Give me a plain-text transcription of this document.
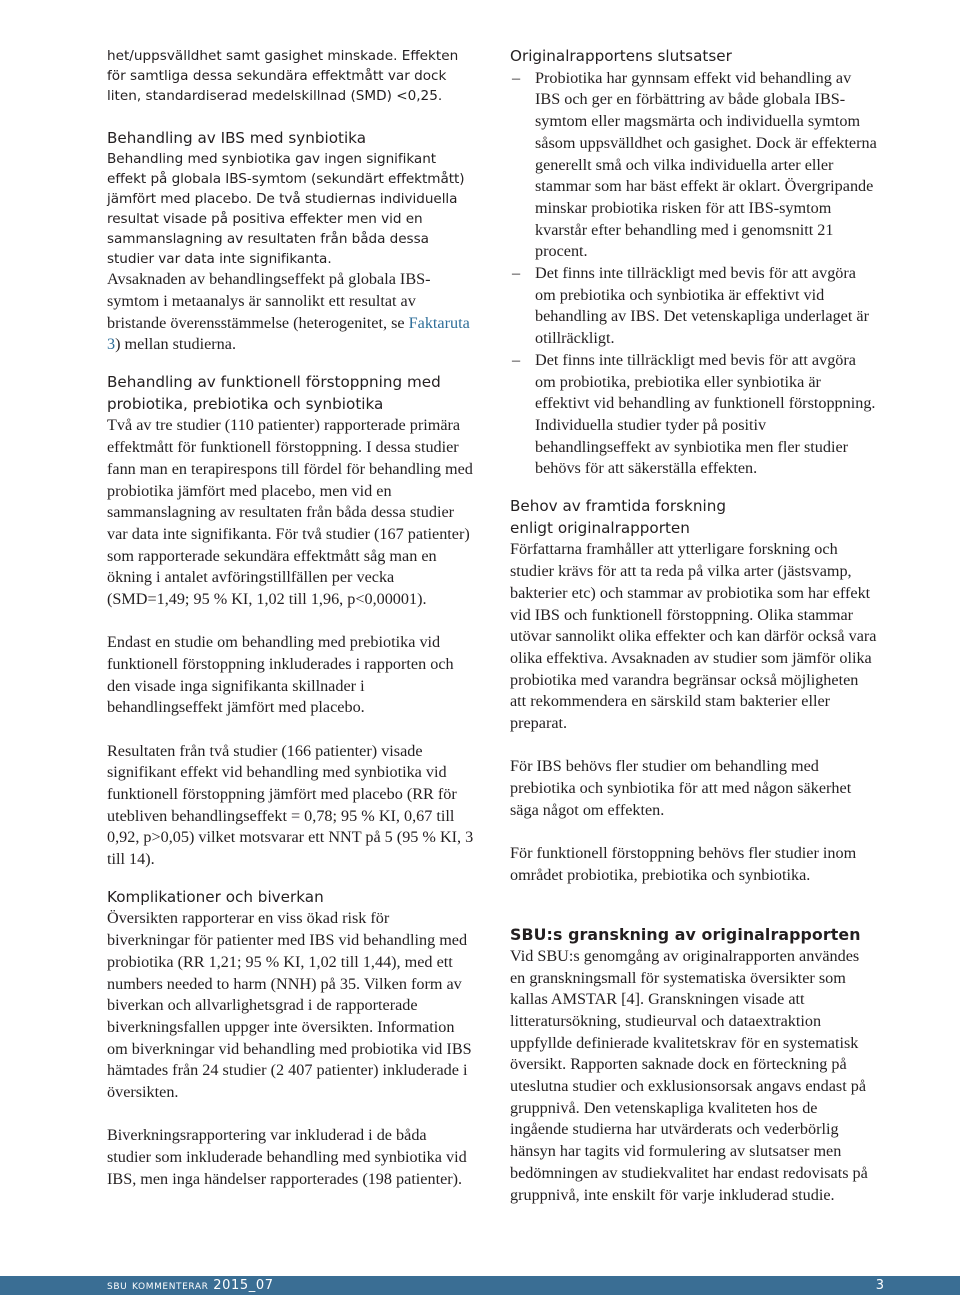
het/uppsvälldhet samt gasighet minskade. Effekten för samtliga dessa sekundära effektmått var dock liten, standardiserad medelskillnad (SMD) <0,25.

Behandling av IBS med synbiotika

Behandling med synbiotika gav ingen signifikant effekt på globala IBS-symtom (sekundärt effektmått) jämfört med placebo. De två studiernas individuella resultat visade på positiva effekter men vid en sammanslagning av resultaten från båda dessa studier var data inte signifikanta.

Avsaknaden av behandlingseffekt på globala IBS-symtom i metaanalys är sannolikt ett resultat av bristande överensstämmelse (heterogenitet, se Faktaruta 3) mellan studierna.

Behandling av funktionell förstoppning med probiotika, prebiotika och synbiotika

Två av tre studier (110 patienter) rapporterade primära effektmått för funktionell förstoppning. I dessa studier fann man en terapirespons till fördel för behandling med probiotika jämfört med placebo, men vid en sammanslagning av resultaten från båda dessa studier var data inte signifikanta. För två studier (167 patienter) som rapporterade sekundära effektmått såg man en ökning i antalet avföringstillfällen per vecka (SMD=1,49; 95 % KI, 1,02 till 1,96, p<0,00001).

Endast en studie om behandling med prebiotika vid funktionell förstoppning inkluderades i rapporten och den visade inga signifikanta skillnader i behandlingseffekt jämfört med placebo.

Resultaten från två studier (166 patienter) visade signifikant effekt vid behandling med synbiotika vid funktionell förstoppning jämfört med placebo (RR för utebliven behandlingseffekt = 0,78; 95 % KI, 0,67 till 0,92, p>0,05) vilket motsvarar ett NNT på 5 (95 % KI, 3 till 14).

Komplikationer och biverkan

Översikten rapporterar en viss ökad risk för biverkningar för patienter med IBS vid behandling med probiotika (RR 1,21; 95 % KI, 1,02 till 1,44), med ett numbers needed to harm (NNH) på 35. Vilken form av biverkan och allvarlighetsgrad i de rapporterade biverkningsfallen uppger inte översikten. Information om biverkningar vid behandling med probiotika vid IBS hämtades från 24 studier (2 407 patienter) inkluderade i översikten.

Biverkningsrapportering var inkluderad i de båda studier som inkluderade behandling med synbiotika vid IBS, men inga händelser rapporterades (198 patienter).

Originalrapportens slutsatser
– Probiotika har gynnsam effekt vid behandling av IBS och ger en förbättring av både globala IBS-symtom eller magsmärta och individuella symtom såsom uppsvälldhet och gasighet. Dock är effekterna generellt små och vilka individuella arter eller stammar som har bäst effekt är oklart. Övergripande minskar probiotika risken för att IBS-symtom kvarstår efter behandling med i genomsnitt 21 procent.
– Det finns inte tillräckligt med bevis för att avgöra om prebiotika och synbiotika är effektivt vid behandling av IBS. Det vetenskapliga underlaget är otillräckligt.
– Det finns inte tillräckligt med bevis för att avgöra om probiotika, prebiotika eller synbiotika är effektivt vid behandling av funktionell förstoppning. Individuella studier tyder på positiv behandlingseffekt av synbiotika men fler studier behövs för att säkerställa effekten.
Behov av framtida forskning enligt originalrapporten

Författarna framhåller att ytterligare forskning och studier krävs för att ta reda på vilka arter (jästsvamp, bakterier etc) och stammar av probiotika som har effekt vid IBS och funktionell förstoppning. Olika stammar utövar sannolikt olika effekter och kan därför också vara olika effektiva. Avsaknaden av studier som jämför olika probiotika med varandra begränsar också möjligheten att rekommendera en särskild stam bakterier eller preparat.

För IBS behövs fler studier om behandling med prebiotika och synbiotika för att med någon säkerhet säga något om effekten.

För funktionell förstoppning behövs fler studier inom området probiotika, prebiotika och synbiotika.

SBU:s granskning av originalrapporten

Vid SBU:s genomgång av originalrapporten användes en granskningsmall för systematiska översikter som kallas AMSTAR [4]. Granskningen visade att litteratursökning, studieurval och dataextraktion uppfyllde definierade kvalitetskrav för en systematisk översikt. Rapporten saknade dock en förteckning på uteslutna studier och exklusionsorsak angavs endast på gruppnivå. Den vetenskapliga kvaliteten hos de ingående studierna har utvärderats och vederbörlig hänsyn har tagits vid formulering av slutsatser men bedömningen av studiekvalitet har endast redovisats på gruppnivå, inte enskilt för varje inkluderad studie.

sbu kommenterar 2015_07	3
